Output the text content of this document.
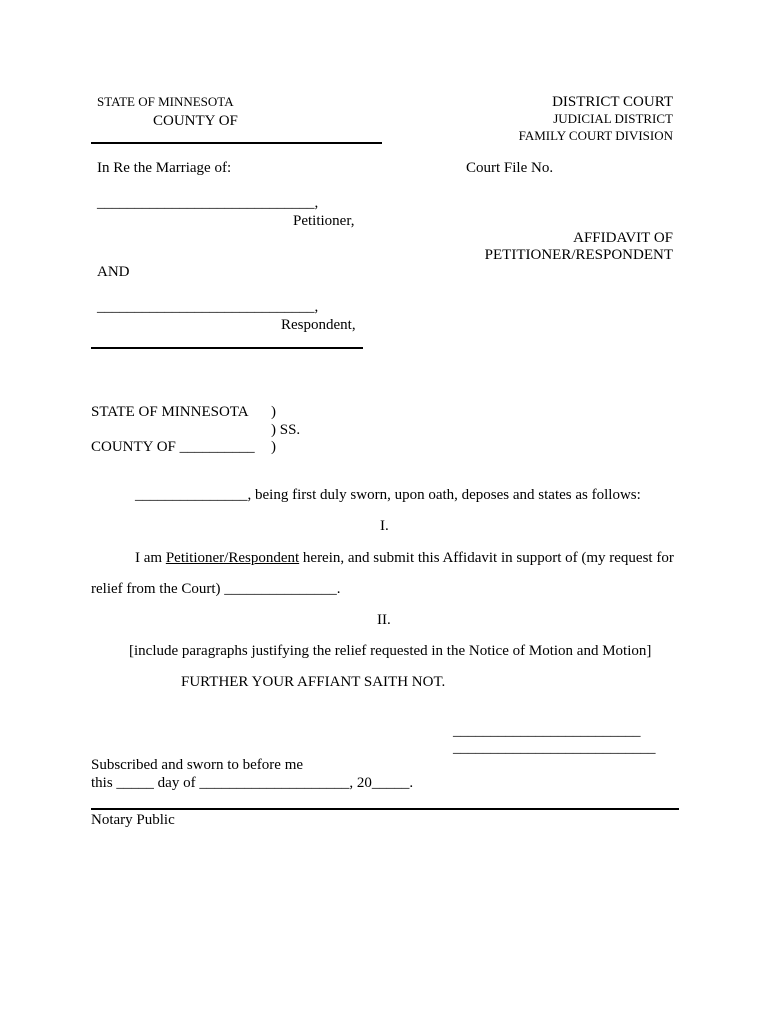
STATE OF MINNESOTA
COUNTY OF
DISTRICT COURT
JUDICIAL DISTRICT
FAMILY COURT DIVISION
In Re the Marriage of:	Court File No.
_____________________________,
Petitioner,
AFFIDAVIT OF
PETITIONER/RESPONDENT
AND
_____________________________,
Respondent,
STATE OF MINNESOTA )
) SS.
COUNTY OF __________ )
_______________, being first duly sworn, upon oath, deposes and states as follows:
I.
I am Petitioner/Respondent herein, and submit this Affidavit in support of (my request for
relief from the Court) _______________.
II.
[include paragraphs justifying the relief requested in the Notice of Motion and Motion]
FURTHER YOUR AFFIANT SAITH NOT.
_________________________
___________________________
Subscribed and sworn to before me
this _____ day of ____________________, 20_____.
Notary Public
